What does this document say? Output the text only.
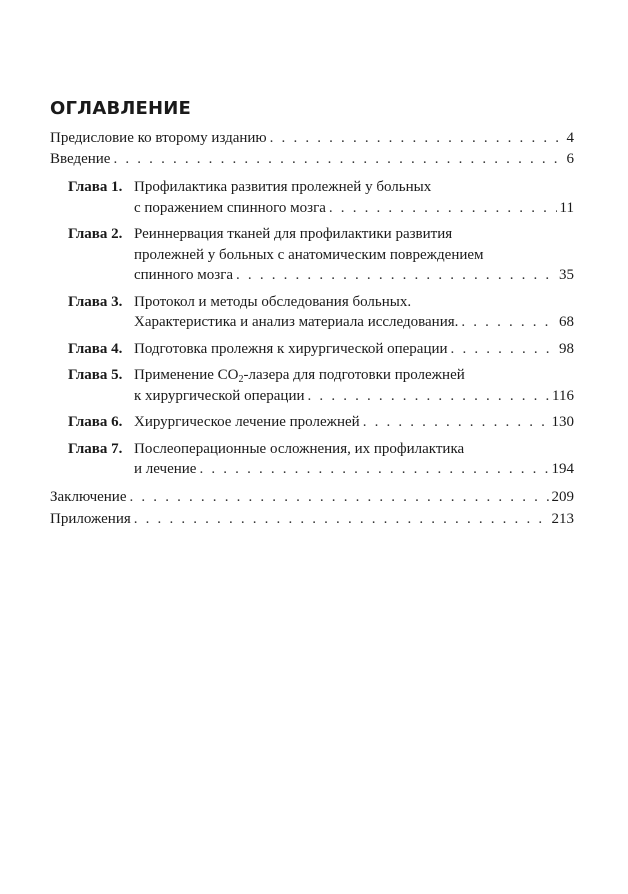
ОГЛАВЛЕНИЕ
Предисловие ко второму изданию . . .	4
Введение . . .	6
Глава 1. Профилактика развития пролежней у больных
с поражением спинного мозга . . .	11
Глава 2. Реиннервация тканей для профилактики развития
пролежней у больных с анатомическим повреждением
спинного мозга . . .	35
Глава 3. Протокол и методы обследования больных.
Характеристика и анализ материала исследования. . . .	68
Глава 4. Подготовка пролежня к хирургической операции . . .	98
Глава 5. Применение $CO_2$-лазера для подготовки пролежней
к хирургической операции . . .	116
Глава 6. Хирургическое лечение пролежней . . .	130
Глава 7. Послеоперационные осложнения, их профилактика
и лечение . . .	194
Заключение . . .	209
Приложения . . .	213
